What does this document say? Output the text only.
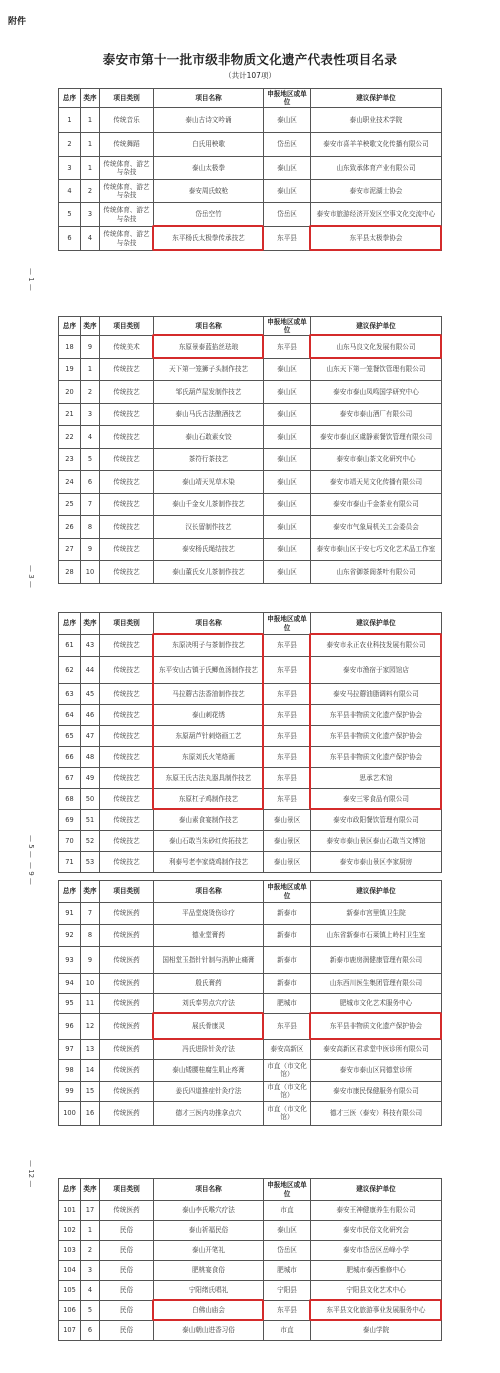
附件
泰安市第十一批市级非物质文化遗产代表性项目名录
（共计107项）
总序	类序	项目类别	项目名称	申报地区或单位	建议保护单位
1	1	传统音乐	泰山古诗文吟诵	泰山区	泰山职业技术学院
2	1	传统舞蹈	白氏用秧歌	岱岳区	泰安市喜羊羊秧歌文化传播有限公司
3	1	传统体育、游艺与杂技	泰山太极拳	泰山区	山东致承体育产业有限公司
4	2	传统体育、游艺与杂技	泰安周氏蚊枪	泰山区	泰安市泥湖士协会
5	3	传统体育、游艺与杂技	岱岳空竹	岱岳区	泰安市旅游经济开发区空事文化交流中心
6	4	传统体育、游艺与杂技	东平杨氏太极拳传承技艺	东平县	东平县太极拳协会
总序	类序	项目类别	项目名称	申报地区或单位	建议保护单位
18	9	传统美术	东原景泰蓝掐丝珐琅	东平县	山东马良文化发展有限公司
19	1	传统技艺	天下第一笼狮子头制作技艺	泰山区	山东天下第一笼餐饮管理有限公司
20	2	传统技艺	邹氏葫芦屋发制作技艺	泰山区	泰安市泰山凤鸣国学研究中心
21	3	传统技艺	泰山马氏古法酿酒技艺	泰山区	泰安市泰山酒厂有限公司
22	4	传统技艺	泰山石敢素女饺	泰山区	泰安市泰山区虞静素餐饮管理有限公司
23	5	传统技艺	茶符行茶技艺	泰山区	泰安市泰山茶文化研究中心
24	6	传统技艺	泰山靖天见草木染	泰山区	泰安市靖天见文化传播有限公司
25	7	传统技艺	泰山千金女儿茶制作技艺	泰山区	泰安市泰山千金茶业有限公司
26	8	传统技艺	汉长留制作技艺	泰山区	泰安市气象局机关工会委员会
27	9	传统技艺	泰安杨氏绳结技艺	泰山区	泰安市泰山区于安七巧文化艺术品工作室
28	10	传统技艺	泰山董氏女儿茶制作技艺	泰山区	山东省御茶阁茶叶有限公司
总序	类序	项目类别	项目名称	申报地区或单位	建议保护单位
61	43	传统技艺	东原决明子与茶制作技艺	东平县	泰安市永正农业科技发展有限公司
62	44	传统技艺	东平安山古镇于氏鲫鱼汤制作技艺	东平县	泰安市渔宿于家园馆店
63	45	传统技艺	马拉蘑古法香油制作技艺	东平县	泰安马拉蘑油脂调料有限公司
64	46	传统技艺	泰山刺花绣	东平县	东平县非物质文化遗产保护协会
65	47	传统技艺	东原葫芦针刺烙画工艺	东平县	东平县非物质文化遗产保护协会
66	48	传统技艺	东原刘氏火笔烙画	东平县	东平县非物质文化遗产保护协会
67	49	传统技艺	东原王氏古法丸器具制作技艺	东平县	思承艺术馆
68	50	传统技艺	东原杠子鸡制作技艺	东平县	泰安三零食品有限公司
69	51	传统技艺	泰山素食宴制作技艺	泰山景区	泰安市政阳餐饮管理有限公司
70	52	传统技艺	泰山石敢当朱砂红传拓技艺	泰山景区	泰安市泰山景区泰山石敢当文博馆
71	53	传统技艺	利泰号老李家烧鸡制作技艺	泰山景区	泰安市泰山景区李家厨房
总序	类序	项目类别	项目名称	申报地区或单位	建议保护单位
91	7	传统医药	平品堂烧烫伤诊疗	新泰市	新泰市宫里镇卫生院
92	8	传统医药	德业堂膏药	新泰市	山东省新泰市石莱镇上岭村卫生室
93	9	传统医药	国相堂玉指针针制与消肿止痛膏	新泰市	新泰市鹿房润健康管理有限公司
94	10	传统医药	殷氏膏药	新泰市	山东西川医生集团管理有限公司
95	11	传统医药	刘氏奉男点穴疗法	肥城市	肥城市文化艺术服务中心
96	12	传统医药	展氏骨康灵	东平县	东平县非物质文化遗产保护协会
97	13	传统医药	冯氏进阶针灸疗法	泰安高新区	泰安高新区君求堂中医诊所有限公司
98	14	传统医药	泰山矮腰桂腐生肌止疼膏	市直（市文化馆）	泰安市泰山区同德堂诊所
99	15	传统医药	姜氏四道推症针灸疗法	市直（市文化馆）	泰安市康民保健服务有限公司
100	16	传统医药	德才三医内功推拿点穴	市直（市文化馆）	德才三医（泰安）科技有限公司
总序	类序	项目类别	项目名称	申报地区或单位	建议保护单位
101	17	传统医药	泰山李氏喉穴疗法	市直	泰安王神健康养生有限公司
102	1	民俗	泰山祈福民俗	泰山区	泰安市民俗文化研究会
103	2	民俗	泰山开笔礼	岱岳区	泰安市岱岳区岳峰小学
104	3	民俗	肥桃宴食俗	肥城市	肥城市泰西雅修中心
105	4	民俗	宁阳绪氏唱礼	宁阳县	宁阳县文化艺术中心
106	5	民俗	白佛山庙会	东平县	东平县文化旅游事业发展服务中心
107	6	民俗	泰山朝山进香习俗	市直	泰山学院
— 1 —
— 3 —
— 5 —
— 9 —
— 12 —
